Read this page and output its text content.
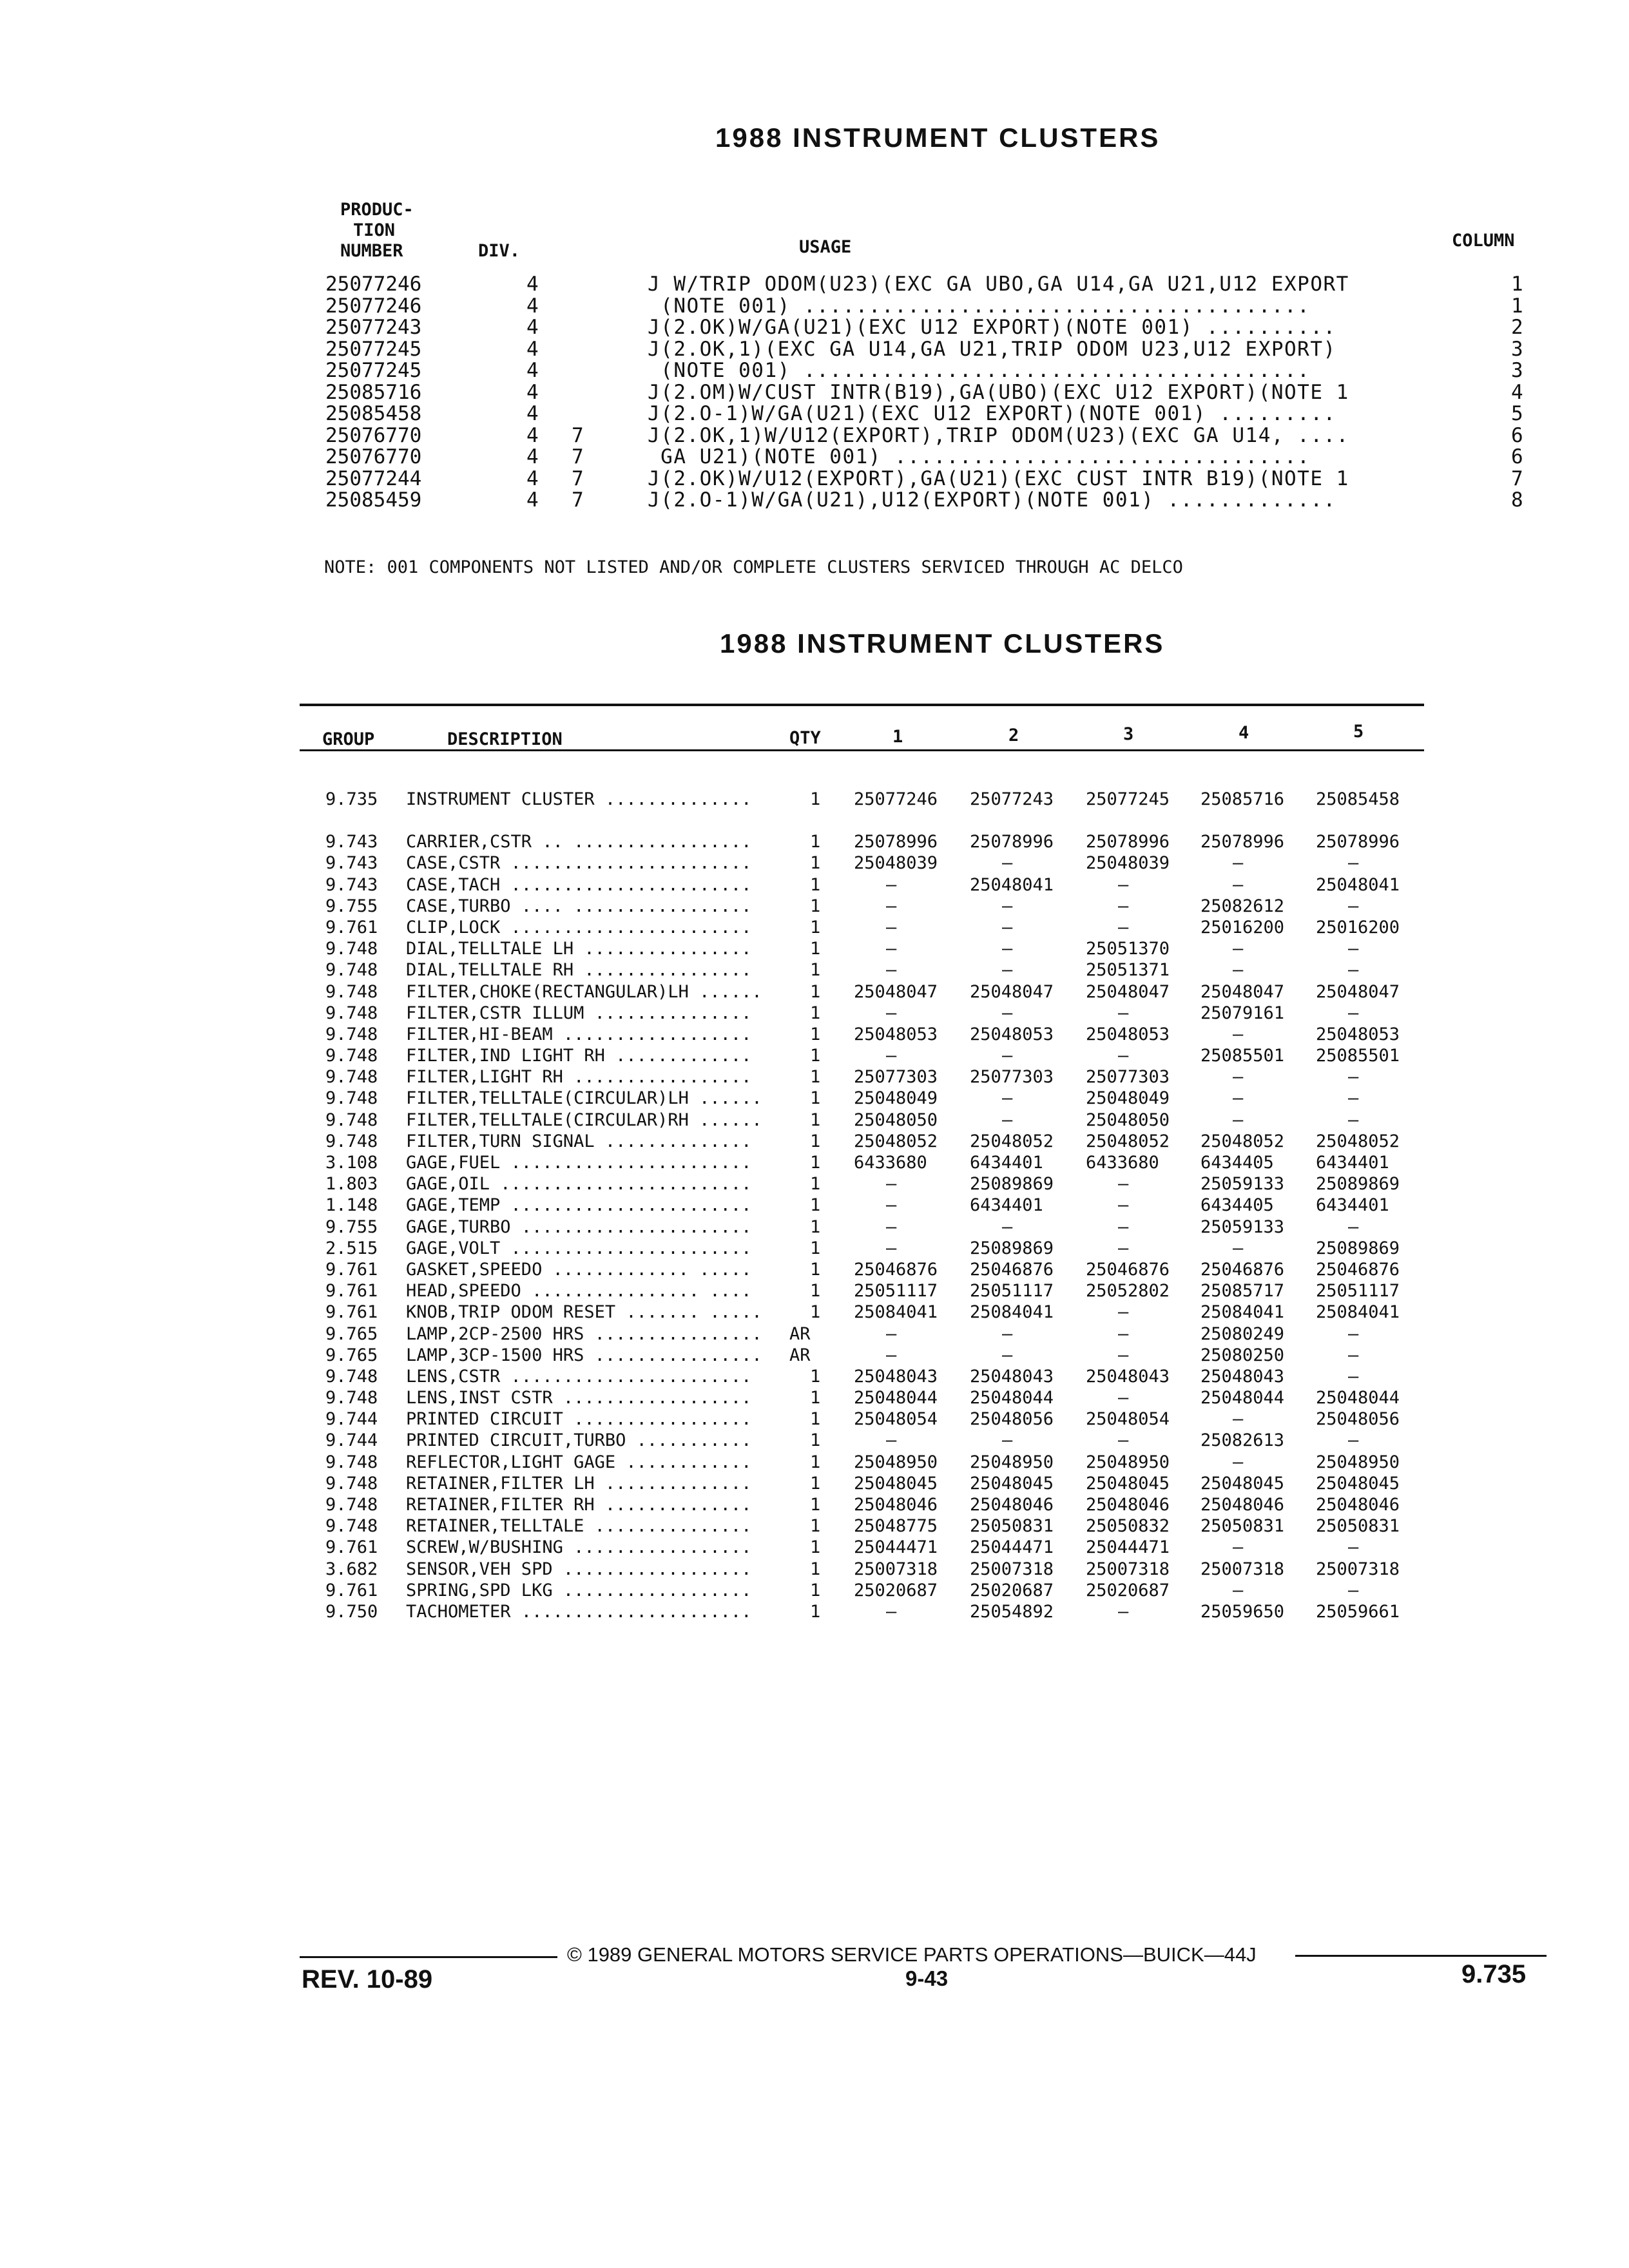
1988 INSTRUMENT CLUSTERS
PRODUC-
TION
NUMBER	DIV.	USAGE	COLUMN
25077246	4	J W/TRIP ODOM(U23)(EXC GA UBO,GA U14,GA U21,U12 EXPORT	1
25077246	4	(NOTE 001) .......................................	1
25077243	4	J(2.OK)W/GA(U21)(EXC U12 EXPORT)(NOTE 001) ..........	2
25077245	4	J(2.OK,1)(EXC GA U14,GA U21,TRIP ODOM U23,U12 EXPORT)	3
25077245	4	(NOTE 001) .......................................	3
25085716	4	J(2.OM)W/CUST INTR(B19),GA(UBO)(EXC U12 EXPORT)(NOTE 1	4
25085458	4	J(2.O-1)W/GA(U21)(EXC U12 EXPORT)(NOTE 001) .........	5
25076770	4 7	J(2.OK,1)W/U12(EXPORT),TRIP ODOM(U23)(EXC GA U14, ....	6
25076770	4 7	GA U21)(NOTE 001) ................................	6
25077244	4 7	J(2.OK)W/U12(EXPORT),GA(U21)(EXC CUST INTR B19)(NOTE 1	7
25085459	4 7	J(2.O-1)W/GA(U21),U12(EXPORT)(NOTE 001) .............	8
NOTE: 001 COMPONENTS NOT LISTED AND/OR COMPLETE CLUSTERS SERVICED THROUGH AC DELCO
1988 INSTRUMENT CLUSTERS
GROUP	DESCRIPTION	QTY	1	2	3	4	5
9.735 INSTRUMENT CLUSTER ..............	1 25077246 25077243 25077245 25085716 25085458
9.743 CARRIER,CSTR .. .................	1 25078996 25078996 25078996 25078996 25078996
9.743 CASE,CSTR .......................	1 25048039	—	25048039	—	—
9.743 CASE,TACH .......................	1	—	25048041	—	—	25048041
9.755 CASE,TURBO .... .................	1	—	—	—	25082612	—
9.761 CLIP,LOCK .......................	1	—	—	—	25016200 25016200
9.748 DIAL,TELLTALE LH ................	1	—	—	25051370	—	—
9.748 DIAL,TELLTALE RH ................	1	—	—	25051371	—	—
9.748 FILTER,CHOKE(RECTANGULAR)LH ......	1 25048047 25048047 25048047 25048047 25048047
9.748 FILTER,CSTR ILLUM ...............	1	—	—	—	25079161	—
9.748 FILTER,HI-BEAM ..................	1 25048053 25048053 25048053	—	25048053
9.748 FILTER,IND LIGHT RH .............	1	—	—	—	25085501 25085501
9.748 FILTER,LIGHT RH .................	1 25077303 25077303 25077303	—	—
9.748 FILTER,TELLTALE(CIRCULAR)LH ......	1 25048049	—	25048049	—	—
9.748 FILTER,TELLTALE(CIRCULAR)RH ......	1 25048050	—	25048050	—	—
9.748 FILTER,TURN SIGNAL ..............	1 25048052 25048052 25048052 25048052 25048052
3.108 GAGE,FUEL .......................	1 6433680 6434401 6433680 6434405 6434401
1.803 GAGE,OIL ........................	1	—	25089869	—	25059133 25089869
1.148 GAGE,TEMP .......................	1	—	6434401	—	6434405 6434401
9.755 GAGE,TURBO ......................	1	—	—	—	25059133	—
2.515 GAGE,VOLT .......................	1	—	25089869	—	—	25089869
9.761 GASKET,SPEEDO ............. .....	1 25046876 25046876 25046876 25046876 25046876
9.761 HEAD,SPEEDO ................ ....	1 25051117 25051117 25052802 25085717 25051117
9.761 KNOB,TRIP ODOM RESET ....... .....	1 25084041 25084041	—	25084041 25084041
9.765 LAMP,2CP-2500 HRS ................ AR	—	—	—	25080249	—
9.765 LAMP,3CP-1500 HRS ................ AR	—	—	—	25080250	—
9.748 LENS,CSTR .......................	1 25048043 25048043 25048043 25048043	—
9.748 LENS,INST CSTR ..................	1 25048044 25048044	—	25048044 25048044
9.744 PRINTED CIRCUIT .................	1 25048054 25048056 25048054	—	25048056
9.744 PRINTED CIRCUIT,TURBO ...........	1	—	—	—	25082613	—
9.748 REFLECTOR,LIGHT GAGE ............	1 25048950 25048950 25048950	—	25048950
9.748 RETAINER,FILTER LH ..............	1 25048045 25048045 25048045 25048045 25048045
9.748 RETAINER,FILTER RH ..............	1 25048046 25048046 25048046 25048046 25048046
9.748 RETAINER,TELLTALE ...............	1 25048775 25050831 25050832 25050831 25050831
9.761 SCREW,W/BUSHING .................	1 25044471 25044471 25044471	—	—
3.682 SENSOR,VEH SPD ..................	1 25007318 25007318 25007318 25007318 25007318
9.761 SPRING,SPD LKG ..................	1 25020687 25020687 25020687	—	—
9.750 TACHOMETER ......................	1	—	25054892	—	25059650 25059661
© 1989 GENERAL MOTORS SERVICE PARTS OPERATIONS—BUICK—44J
REV. 10-89	9-43	9.735
